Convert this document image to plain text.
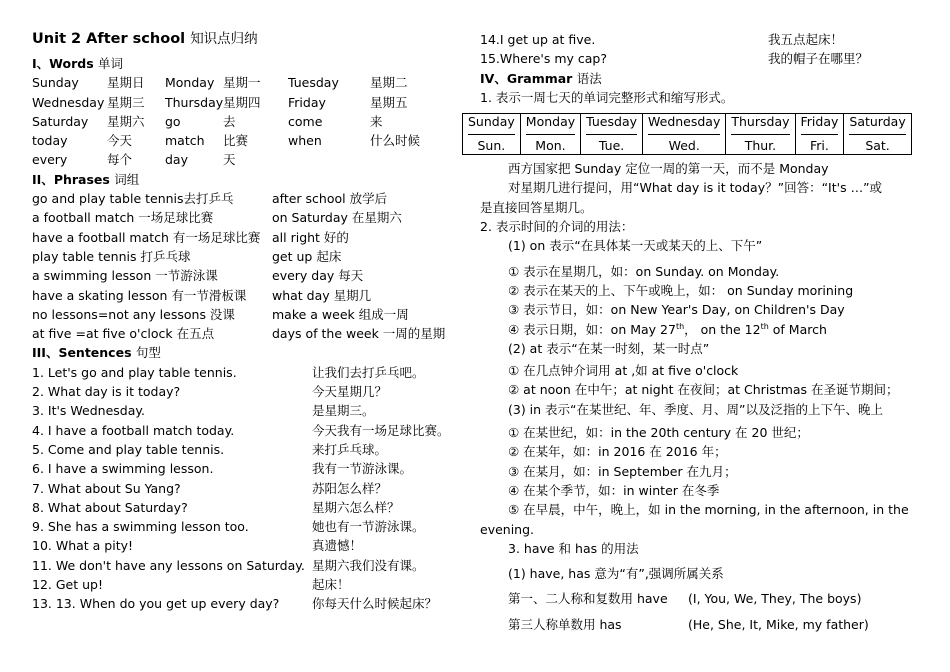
Unit 2 After school 知识点归纳
I、Words 单词
Sunday 星期日 Monday 星期一 Tuesday 星期二
Wednesday 星期三 Thursday星期四 Friday	星期五
Saturday 星期六 go	去	come	来
today	今天	match 比赛	when	什么时候
every	每个	day	天
II、Phrases 词组
go and play table tennis去打乒乓	after school 放学后
a football match 一场足球比赛	on Saturday 在星期六
have a football match 有一场足球比赛 all right 好的
play table tennis 打乒乓球	get up 起床
a swimming lesson 一节游泳课	every day 每天
have a skating lesson 有一节滑板课 what day 星期几
no lessons=not any lessons 没课	make a week 组成一周
at five =at five o'clock 在五点	days of the week 一周的星期
III、Sentences 句型
1. Let's go and play table tennis.	让我们去打乒乓吧。
2. What day is it today?	今天星期几？
3. It's Wednesday.	是星期三。
4. I have a football match today.	今天我有一场足球比赛。
5. Come and play table tennis.	来打乒乓球。
6. I have a swimming lesson.	我有一节游泳课。
7. What about Su Yang?	苏阳怎么样？
8. What about Saturday?	星期六怎么样？
9. She has a swimming lesson too.	她也有一节游泳课。
10. What a pity!	真遗憾！
11. We don't have any lessons on Saturday. 星期六我们没有课。
12. Get up!	起床！
13. 13. When do you get up every day?	你每天什么时候起床？
14.I get up at five.	我五点起床！
15.Where's my cap?	我的帽子在哪里？
IV、Grammar 语法
1. 表示一周七天的单词完整形式和缩写形式。
Sunday
Sun.
	Monday
Mon.
	Tuesday
Tue.
	Wednesday
Wed.
	Thursday
Thur.
	Friday
Fri.
	Saturday
Sat.
西方国家把 Sunday 定位一周的第一天，而不是 Monday
对星期几进行提问，用“What day is it today？”回答：“It's …”或
是直接回答星期几。
2. 表示时间的介词的用法：
(1) on 表示“在具体某一天或某天的上、下午”
① 表示在星期几，如：on Sunday. on Monday.
② 表示在某天的上、下午或晚上，如： on Sunday morining
③ 表示节日，如：on New Year's Day, on Children's Day
④ 表示日期，如：on May 27th， on the 12th of March
(2) at 表示“在某一时刻，某一时点”
① 在几点钟介词用 at ,如 at five o'clock
② at noon 在中午；at night 在夜间；at Christmas 在圣诞节期间；
(3) in 表示“在某世纪、年、季度、月、周”以及泛指的上下午、晚上
① 在某世纪，如：in the 20th century 在 20 世纪；
② 在某年，如：in 2016 在 2016 年；
③ 在某月，如：in September 在九月；
④ 在某个季节，如：in winter 在冬季
⑤ 在早晨，中午，晚上，如 in the morning, in the afternoon, in the
evening.
3. have 和 has 的用法
(1) have, has 意为“有”,强调所属关系
第一、二人称和复数用 have (I, You, We, They, The boys)
第三人称单数用 has	(He, She, It, Mike, my father)
